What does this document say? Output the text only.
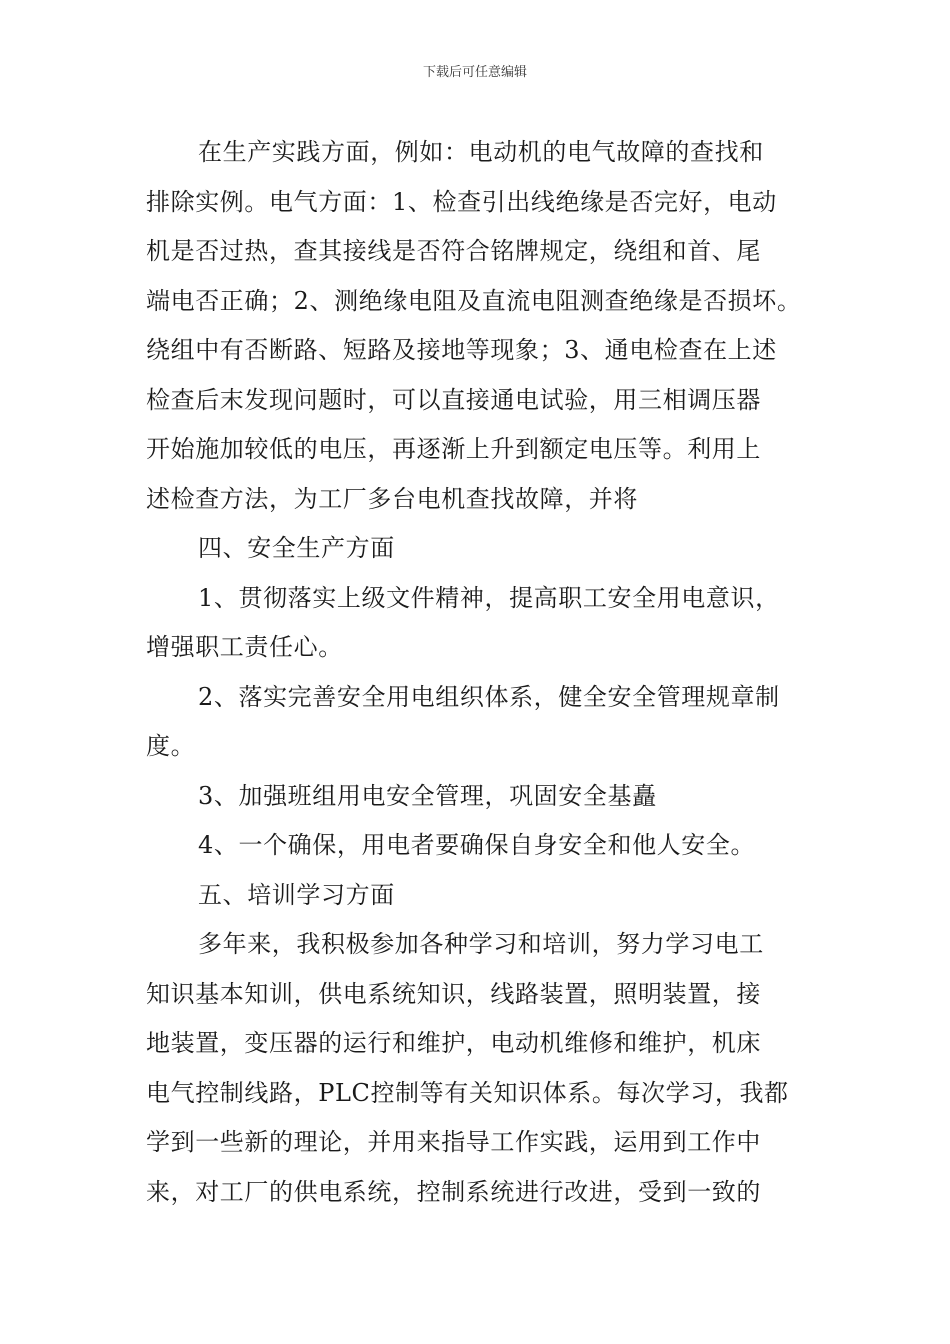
下载后可任意编辑

在生产实践方面，例如：电动机的电气故障的查找和
排除实例。电气方面：1、检查引出线绝缘是否完好，电动
机是否过热，查其接线是否符合铭牌规定，绕组和首、尾
端电否正确；2、测绝缘电阻及直流电阻测查绝缘是否损坏。
绕组中有否断路、短路及接地等现象；3、通电检查在上述
检查后末发现问题时，可以直接通电试验，用三相调压器
开始施加较低的电压，再逐渐上升到额定电压等。利用上
述检查方法，为工厂多台电机查找故障，并将

四、安全生产方面

1、贯彻落实上级文件精神，提高职工安全用电意识，
增强职工责任心。

2、落实完善安全用电组织体系，健全安全管理规章制
度。

3、加强班组用电安全管理，巩固安全基矗

4、一个确保，用电者要确保自身安全和他人安全。

五、培训学习方面

多年来，我积极参加各种学习和培训，努力学习电工
知识基本知训，供电系统知识，线路装置，照明装置，接
地装置，变压器的运行和维护，电动机维修和维护，机床
电气控制线路，PLC控制等有关知识体系。每次学习，我都
学到一些新的理论，并用来指导工作实践，运用到工作中
来，对工厂的供电系统，控制系统进行改进，受到一致的
